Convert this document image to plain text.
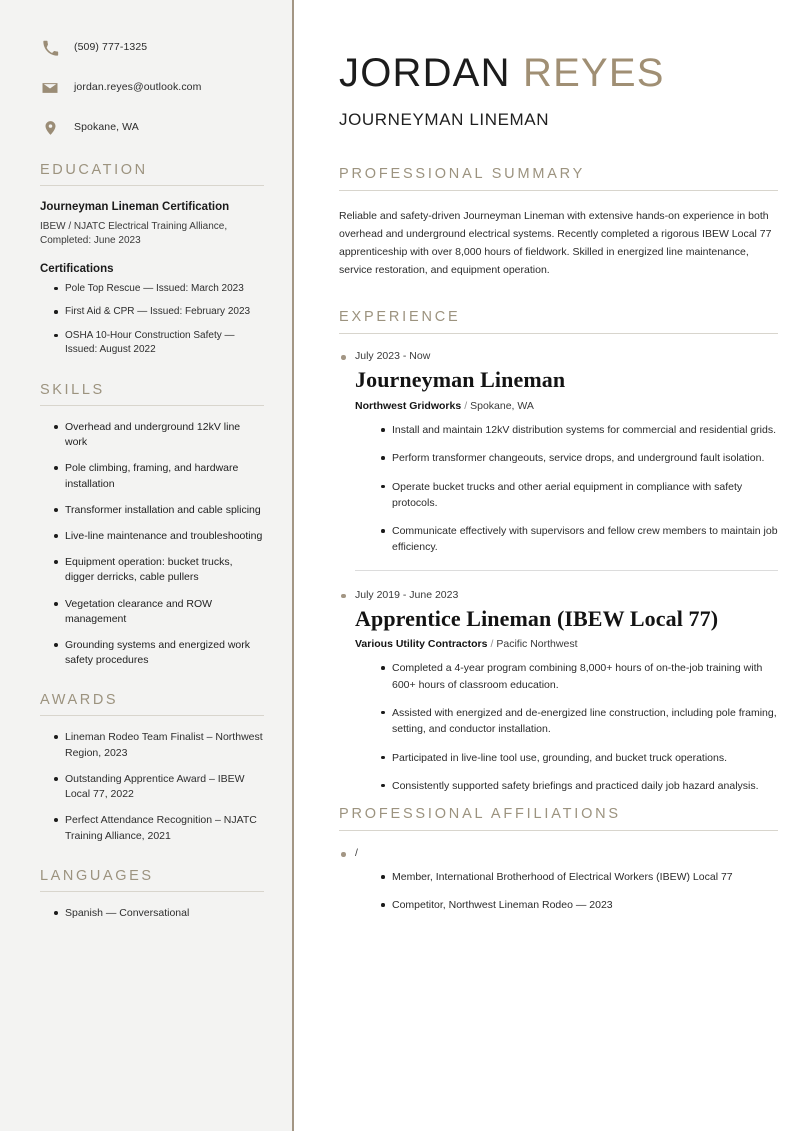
(509) 777-1325
jordan.reyes@outlook.com
Spokane, WA
EDUCATION
Journeyman Lineman Certification
IBEW / NJATC Electrical Training Alliance, Completed: June 2023
Certifications
Pole Top Rescue — Issued: March 2023
First Aid & CPR — Issued: February 2023
OSHA 10-Hour Construction Safety — Issued: August 2022
SKILLS
Overhead and underground 12kV line work
Pole climbing, framing, and hardware installation
Transformer installation and cable splicing
Live-line maintenance and troubleshooting
Equipment operation: bucket trucks, digger derricks, cable pullers
Vegetation clearance and ROW management
Grounding systems and energized work safety procedures
AWARDS
Lineman Rodeo Team Finalist – Northwest Region, 2023
Outstanding Apprentice Award – IBEW Local 77, 2022
Perfect Attendance Recognition – NJATC Training Alliance, 2021
LANGUAGES
Spanish — Conversational
JORDAN REYES
JOURNEYMAN LINEMAN
PROFESSIONAL SUMMARY

Reliable and safety-driven Journeyman Lineman with extensive hands-on experience in both overhead and underground electrical systems. Recently completed a rigorous IBEW Local 77 apprenticeship with over 8,000 hours of fieldwork. Skilled in energized line maintenance, service restoration, and equipment operation.

EXPERIENCE
July 2023 - Now
Journeyman Lineman
Northwest Gridworks / Spokane, WA
Install and maintain 12kV distribution systems for commercial and residential grids.
Perform transformer changeouts, service drops, and underground fault isolation.
Operate bucket trucks and other aerial equipment in compliance with safety protocols.
Communicate effectively with supervisors and fellow crew members to maintain job efficiency.
July 2019 - June 2023
Apprentice Lineman (IBEW Local 77)
Various Utility Contractors / Pacific Northwest
Completed a 4-year program combining 8,000+ hours of on-the-job training with 600+ hours of classroom education.
Assisted with energized and de-energized line construction, including pole framing, setting, and conductor installation.
Participated in live-line tool use, grounding, and bucket truck operations.
Consistently supported safety briefings and practiced daily job hazard analysis.
PROFESSIONAL AFFILIATIONS
/
Member, International Brotherhood of Electrical Workers (IBEW) Local 77
Competitor, Northwest Lineman Rodeo — 2023
